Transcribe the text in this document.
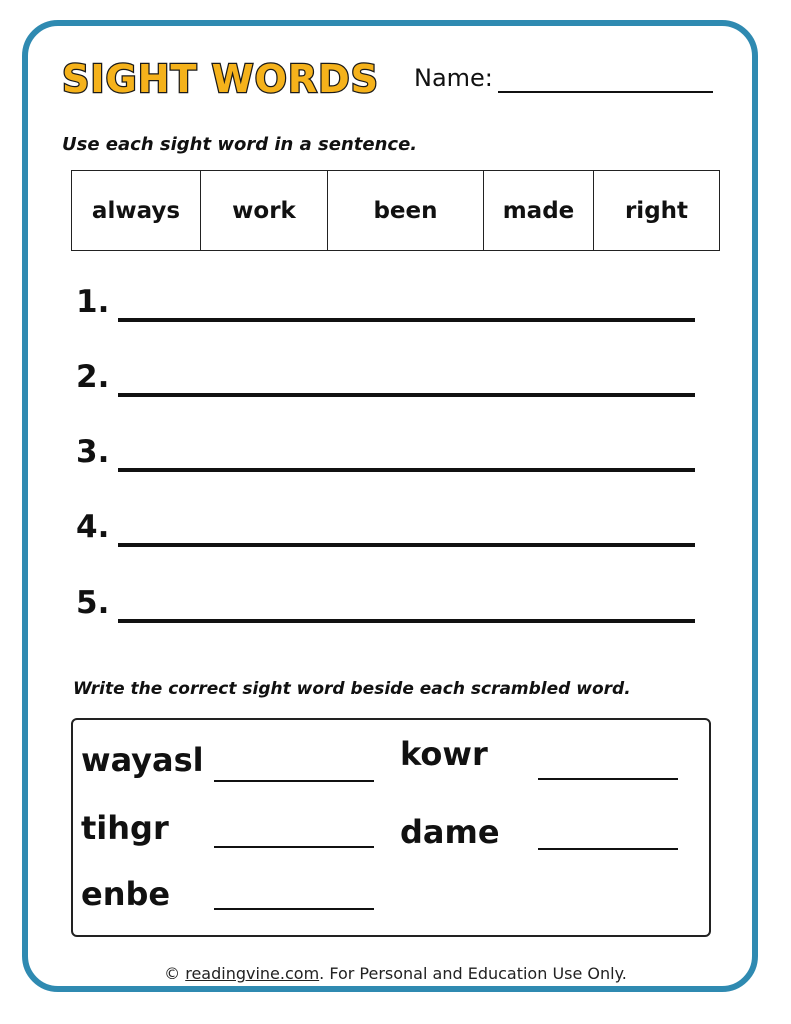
SIGHT WORDS Name:
Use each sight word in a sentence.
always	work	been	made	right
1.
2.
3.
4.
5.
Write the correct sight word beside each scrambled word.
wayasl	kowr
tihgr	dame
enbe
© readingvine.com. For Personal and Education Use Only.
